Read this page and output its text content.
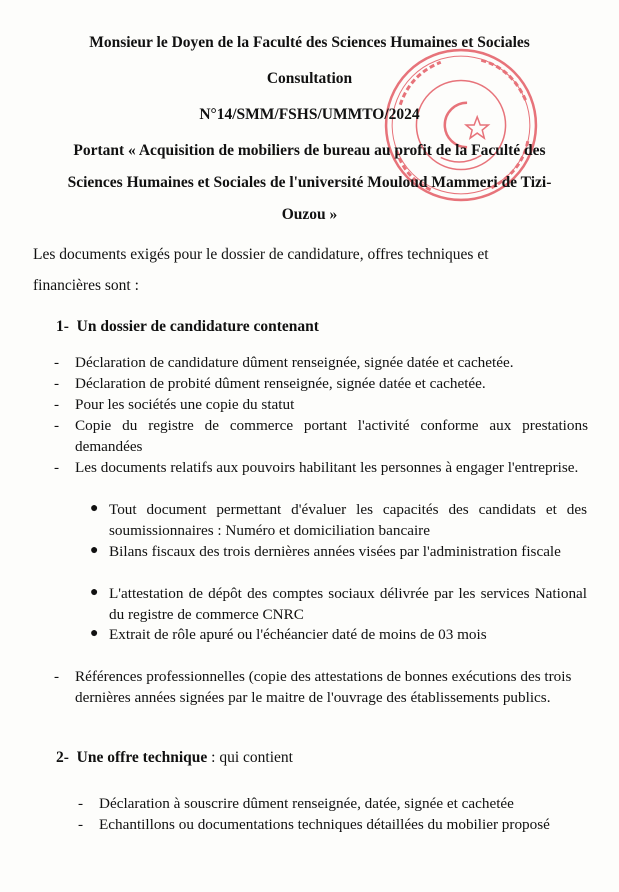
Monsieur le Doyen de la Faculté des Sciences Humaines et Sociales
Consultation
N°14/SMM/FSHS/UMMTO/2024
Portant « Acquisition de mobiliers de bureau au profit de la Faculté des
Sciences Humaines et Sociales de l'université Mouloud Mammeri de Tizi-
Ouzou »
Les documents exigés pour le dossier de candidature, offres techniques et
financières sont :
1- Un dossier de candidature contenant
- Déclaration de candidature dûment renseignée, signée datée et cachetée.
- Déclaration de probité dûment renseignée, signée datée et cachetée.
- Pour les sociétés une copie du statut
- Copie du registre de commerce portant l'activité conforme aux prestations demandées
- Les documents relatifs aux pouvoirs habilitant les personnes à engager l'entreprise.
● Tout document permettant d'évaluer les capacités des candidats et des soumissionnaires : Numéro et domiciliation bancaire
● Bilans fiscaux des trois dernières années visées par l'administration fiscale
● L'attestation de dépôt des comptes sociaux délivrée par les services National du registre de commerce CNRC
● Extrait de rôle apuré ou l'échéancier daté de moins de 03 mois
- Références professionnelles (copie des attestations de bonnes exécutions des trois dernières années signées par le maitre de l'ouvrage des établissements publics.
2- Une offre technique : qui contient
- Déclaration à souscrire dûment renseignée, datée, signée et cachetée
- Echantillons ou documentations techniques détaillées du mobilier proposé
